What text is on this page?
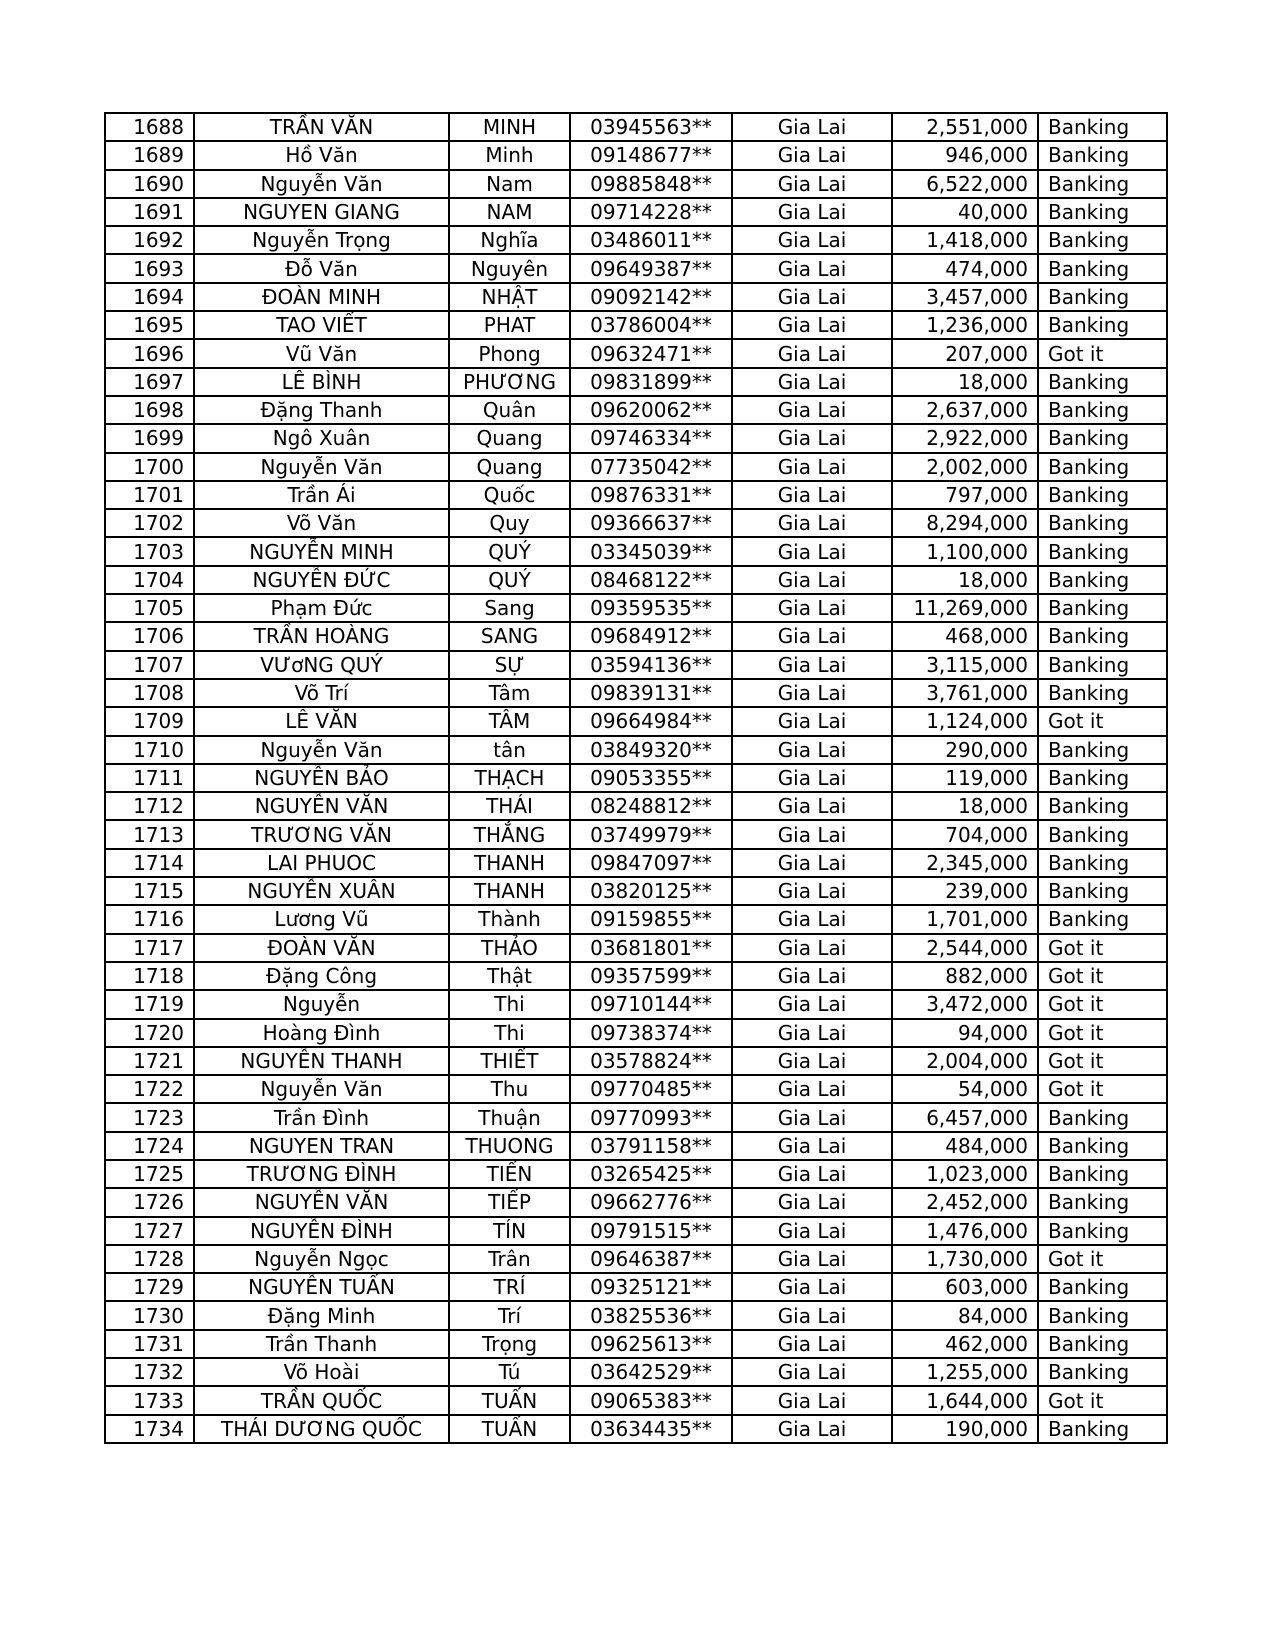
1688	TRẦN VĂN	MINH	03945563**	Gia Lai	2,551,000	Banking
1689	Hồ Văn	Minh	09148677**	Gia Lai	946,000	Banking
1690	Nguyễn Văn	Nam	09885848**	Gia Lai	6,522,000	Banking
1691	NGUYEN GIANG	NAM	09714228**	Gia Lai	40,000	Banking
1692	Nguyễn Trọng	Nghĩa	03486011**	Gia Lai	1,418,000	Banking
1693	Đỗ Văn	Nguyên	09649387**	Gia Lai	474,000	Banking
1694	ĐOÀN MINH	NHẬT	09092142**	Gia Lai	3,457,000	Banking
1695	TAO VIẾT	PHAT	03786004**	Gia Lai	1,236,000	Banking
1696	Vũ Văn	Phong	09632471**	Gia Lai	207,000	Got it
1697	LÊ BÌNH	PHƯƠNG	09831899**	Gia Lai	18,000	Banking
1698	Đặng Thanh	Quân	09620062**	Gia Lai	2,637,000	Banking
1699	Ngô Xuân	Quang	09746334**	Gia Lai	2,922,000	Banking
1700	Nguyễn Văn	Quang	07735042**	Gia Lai	2,002,000	Banking
1701	Trần Ái	Quốc	09876331**	Gia Lai	797,000	Banking
1702	Võ Văn	Quy	09366637**	Gia Lai	8,294,000	Banking
1703	NGUYỄN MINH	QUÝ	03345039**	Gia Lai	1,100,000	Banking
1704	NGUYỄN ĐỨC	QUÝ	08468122**	Gia Lai	18,000	Banking
1705	Phạm Đức	Sang	09359535**	Gia Lai	11,269,000	Banking
1706	TRẦN HOÀNG	SANG	09684912**	Gia Lai	468,000	Banking
1707	VƯơNG QUÝ	SỰ	03594136**	Gia Lai	3,115,000	Banking
1708	Võ Trí	Tâm	09839131**	Gia Lai	3,761,000	Banking
1709	LÊ VĂN	TÂM	09664984**	Gia Lai	1,124,000	Got it
1710	Nguyễn Văn	tân	03849320**	Gia Lai	290,000	Banking
1711	NGUYỄN BẢO	THẠCH	09053355**	Gia Lai	119,000	Banking
1712	NGUYỄN VĂN	THÁI	08248812**	Gia Lai	18,000	Banking
1713	TRƯƠNG VĂN	THẮNG	03749979**	Gia Lai	704,000	Banking
1714	LAI PHUOC	THANH	09847097**	Gia Lai	2,345,000	Banking
1715	NGUYỄN XUÂN	THANH	03820125**	Gia Lai	239,000	Banking
1716	Lương Vũ	Thành	09159855**	Gia Lai	1,701,000	Banking
1717	ĐOÀN VĂN	THẢO	03681801**	Gia Lai	2,544,000	Got it
1718	Đặng Công	Thật	09357599**	Gia Lai	882,000	Got it
1719	Nguyễn	Thi	09710144**	Gia Lai	3,472,000	Got it
1720	Hoàng Đình	Thi	09738374**	Gia Lai	94,000	Got it
1721	NGUYỄN THANH	THIẾT	03578824**	Gia Lai	2,004,000	Got it
1722	Nguyễn Văn	Thu	09770485**	Gia Lai	54,000	Got it
1723	Trần Đình	Thuận	09770993**	Gia Lai	6,457,000	Banking
1724	NGUYEN TRAN	THUONG	03791158**	Gia Lai	484,000	Banking
1725	TRƯƠNG ĐÌNH	TIẾN	03265425**	Gia Lai	1,023,000	Banking
1726	NGUYỄN VĂN	TIẾP	09662776**	Gia Lai	2,452,000	Banking
1727	NGUYỄN ĐÌNH	TÍN	09791515**	Gia Lai	1,476,000	Banking
1728	Nguyễn Ngọc	Trân	09646387**	Gia Lai	1,730,000	Got it
1729	NGUYỄN TUẤN	TRÍ	09325121**	Gia Lai	603,000	Banking
1730	Đặng Minh	Trí	03825536**	Gia Lai	84,000	Banking
1731	Trần Thanh	Trọng	09625613**	Gia Lai	462,000	Banking
1732	Võ Hoài	Tú	03642529**	Gia Lai	1,255,000	Banking
1733	TRẦN QUỐC	TUẤN	09065383**	Gia Lai	1,644,000	Got it
1734	THÁI DƯƠNG QUỐC	TUẤN	03634435**	Gia Lai	190,000	Banking
